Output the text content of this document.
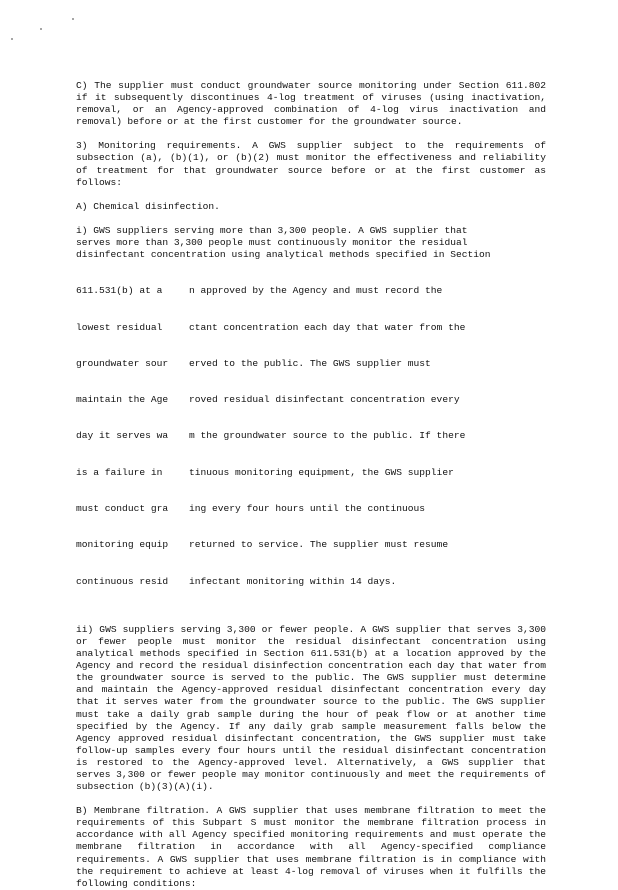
C) The supplier must conduct groundwater source monitoring under Section 611.802 if it subsequently discontinues 4-log treatment of viruses (using inactivation, removal, or an Agency-approved combination of 4-log virus inactivation and removal) before or at the first customer for the groundwater source.

3) Monitoring requirements. A GWS supplier subject to the requirements of subsection (a), (b)(1), or (b)(2) must monitor the effectiveness and reliability of treatment for that groundwater source before or at the first customer as follows:

A) Chemical disinfection.

i) GWS suppliers serving more than 3,300 people. A GWS supplier that
serves more than 3,300 people must continuously monitor the residual
disinfectant concentration using analytical methods specified in Section

611.531(b) at a

lowest residual

groundwater sour

maintain the Age

day it serves wa

is a failure in

must conduct gra

monitoring equip

continuous resid

n approved by the Agency and must record the

ctant concentration each day that water from the

erved to the public. The GWS supplier must

roved residual disinfectant concentration every

m the groundwater source to the public. If there

tinuous monitoring equipment, the GWS supplier

ing every four hours until the continuous

returned to service. The supplier must resume

infectant monitoring within 14 days.

ii) GWS suppliers serving 3,300 or fewer people. A GWS supplier that serves 3,300 or fewer people must monitor the residual disinfectant concentration using analytical methods specified in Section 611.531(b) at a location approved by the Agency and record the residual disinfection concentration each day that water from the groundwater source is served to the public. The GWS supplier must determine and maintain the Agency-approved residual disinfectant concentration every day that it serves water from the groundwater source to the public. The GWS supplier must take a daily grab sample during the hour of peak flow or at another time specified by the Agency. If any daily grab sample measurement falls below the Agency approved residual disinfectant concentration, the GWS supplier must take follow-up samples every four hours until the residual disinfectant concentration is restored to the Agency-approved level. Alternatively, a GWS supplier that serves 3,300 or fewer people may monitor continuously and meet the requirements of subsection (b)(3)(A)(i).

B) Membrane filtration. A GWS supplier that uses membrane filtration to meet the requirements of this Subpart S must monitor the membrane filtration process in accordance with all Agency specified monitoring requirements and must operate the membrane filtration in accordance with all Agency-specified compliance requirements. A GWS supplier that uses membrane filtration is in compliance with the requirement to achieve at least 4-log removal of viruses when it fulfills the following conditions:
